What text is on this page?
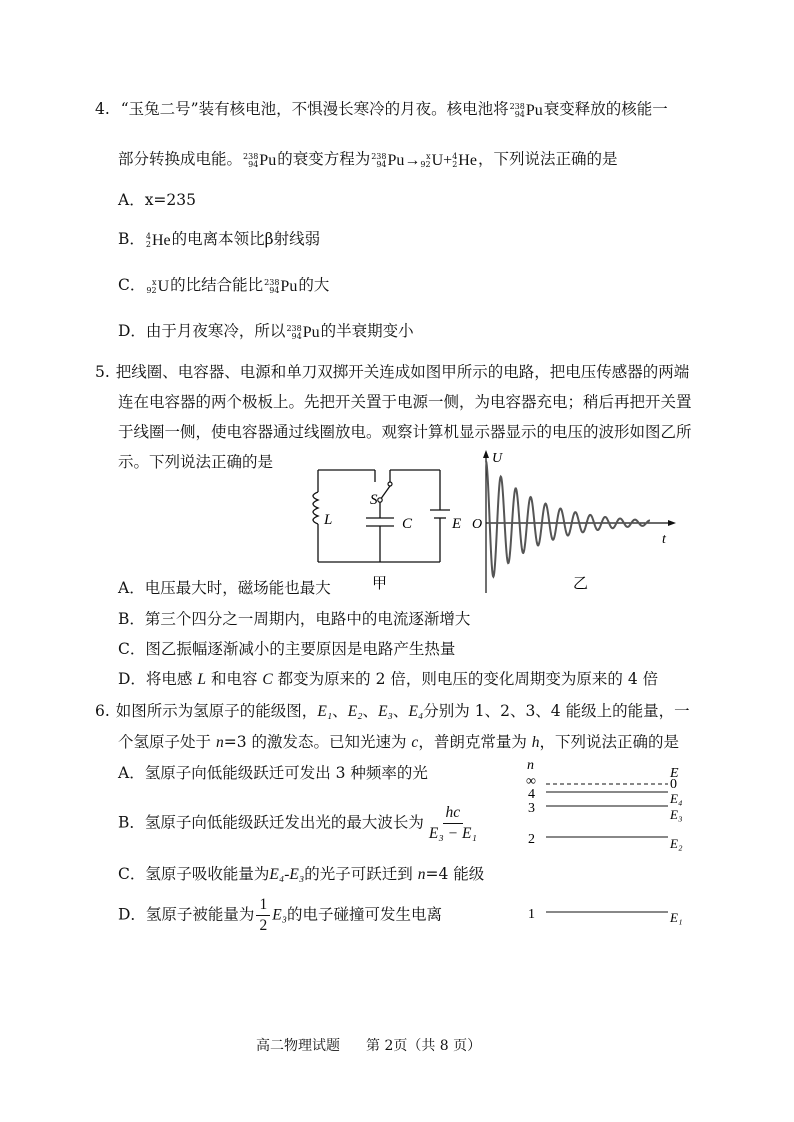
4. “玉兔二号”装有核电池，不惧漫长寒冷的月夜。核电池将 238
94 Pu衰变释放的核能一
部分转换成电能。 238
94 Pu的衰变方程为 238
94 Pu→ x
92 U+ 4
2 He，下列说法正确的是
A．x=235
B． 4
2 He的电离本领比β射线弱
C． x
92 U的比结合能比 238
94 Pu的大
D．由于月夜寒冷，所以 238
94 Pu的半衰期变小
5. 把线圈、电容器、电源和单刀双掷开关连成如图甲所示的电路，把电压传感器的两端
连在电容器的两个极板上。先把开关置于电源一侧，为电容器充电；稍后再把开关置
于线圈一侧，使电容器通过线圈放电。观察计算机显示器显示的电压的波形如图乙所
示。下列说法正确的是
L
S
C	E
甲
U
O
t
乙
A．电压最大时，磁场能也最大
B．第三个四分之一周期内，电路中的电流逐渐增大
C．图乙振幅逐渐减小的主要原因是电路产生热量
D．将电感 L 和电容 C 都变为原来的 2 倍，则电压的变化周期变为原来的 4 倍
6. 如图所示为氢原子的能级图，E₁、E₂、E₃、E₄分别为 1、2、3、4 能级上的能量，一
个氢原子处于 n=3 的激发态。已知光速为 c，普朗克常量为 h，下列说法正确的是
A．氢原子向低能级跃迁可发出 3 种频率的光
B．氢原子向低能级跃迁发出光的最大波长为 $\frac{hc}{\text{E₃ − E₁}}$
C．氢原子吸收能量为E₄-E₃的光子可跃迁到 n=4 能级
D．氢原子被能量为 $\frac{1}{2} E_3$的电子碰撞可发生电离
n
E
∞	0
4	E₄
3	E₃
2	E₂
1	E₁
高二物理试题 第 2页（共 8 页）
